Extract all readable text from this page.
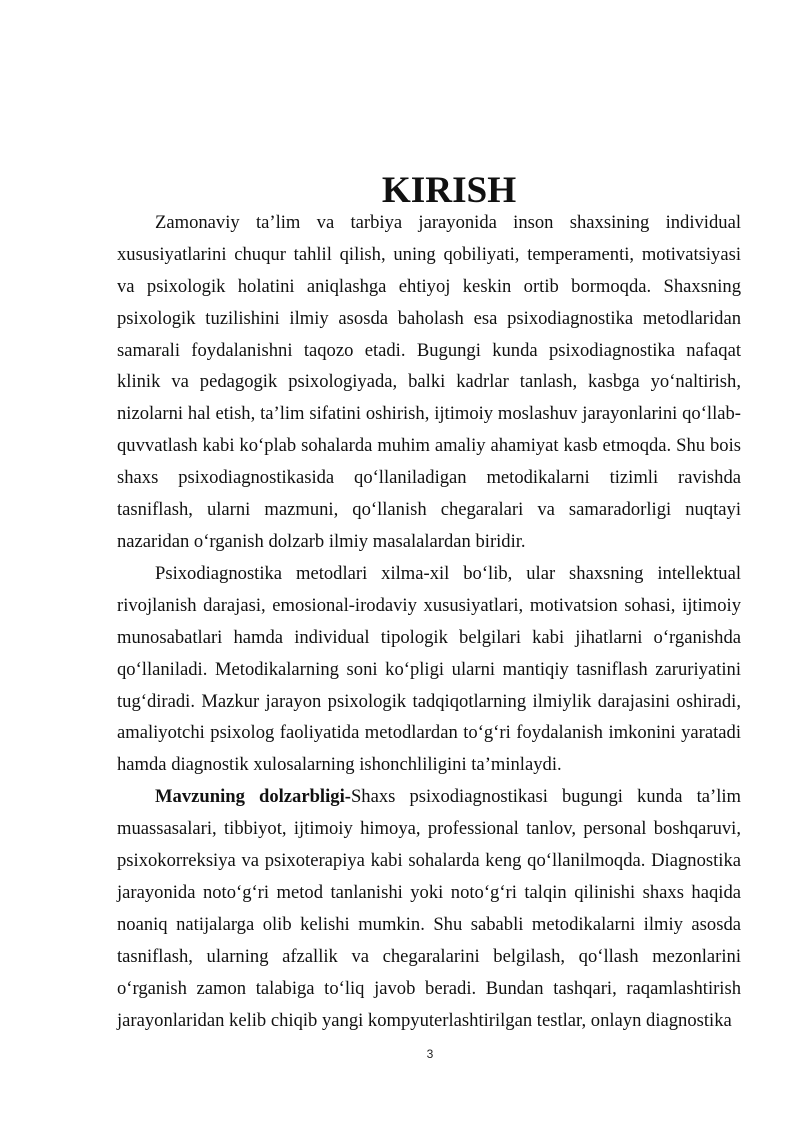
KIRISH

Zamonaviy ta’lim va tarbiya jarayonida inson shaxsining individual xususiyatlarini chuqur tahlil qilish, uning qobiliyati, temperamenti, motivatsiyasi va psixologik holatini aniqlashga ehtiyoj keskin ortib bormoqda. Shaxsning psixologik tuzilishini ilmiy asosda baholash esa psixodiagnostika metodlaridan samarali foydalanishni taqozo etadi. Bugungi kunda psixodiagnostika nafaqat klinik va pedagogik psixologiyada, balki kadrlar tanlash, kasbga yo‘naltirish, nizolarni hal etish, ta’lim sifatini oshirish, ijtimoiy moslashuv jarayonlarini qo‘llab-quvvatlash kabi ko‘plab sohalarda muhim amaliy ahamiyat kasb etmoqda. Shu bois shaxs psixodiagnostikasida qo‘llaniladigan metodikalarni tizimli ravishda tasniflash, ularni mazmuni, qo‘llanish chegaralari va samaradorligi nuqtayi nazaridan o‘rganish dolzarb ilmiy masalalardan biridir.

Psixodiagnostika metodlari xilma-xil bo‘lib, ular shaxsning intellektual rivojlanish darajasi, emosional-irodaviy xususiyatlari, motivatsion sohasi, ijtimoiy munosabatlari hamda individual tipologik belgilari kabi jihatlarni o‘rganishda qo‘llaniladi. Metodikalarning soni ko‘pligi ularni mantiqiy tasniflash zaruriyatini tug‘diradi. Mazkur jarayon psixologik tadqiqotlarning ilmiylik darajasini oshiradi, amaliyotchi psixolog faoliyatida metodlardan to‘g‘ri foydalanish imkonini yaratadi hamda diagnostik xulosalarning ishonchliligini ta’minlaydi.

Mavzuning dolzarbligi-Shaxs psixodiagnostikasi bugungi kunda ta’lim muassasalari, tibbiyot, ijtimoiy himoya, professional tanlov, personal boshqaruvi, psixokorreksiya va psixoterapiya kabi sohalarda keng qo‘llanilmoqda. Diagnostika jarayonida noto‘g‘ri metod tanlanishi yoki noto‘g‘ri talqin qilinishi shaxs haqida noaniq natijalarga olib kelishi mumkin. Shu sababli metodikalarni ilmiy asosda tasniflash, ularning afzallik va chegaralarini belgilash, qo‘llash mezonlarini o‘rganish zamon talabiga to‘liq javob beradi. Bundan tashqari, raqamlashtirish jarayonlaridan kelib chiqib yangi kompyuterlashtirilgan testlar, onlayn diagnostika

3
